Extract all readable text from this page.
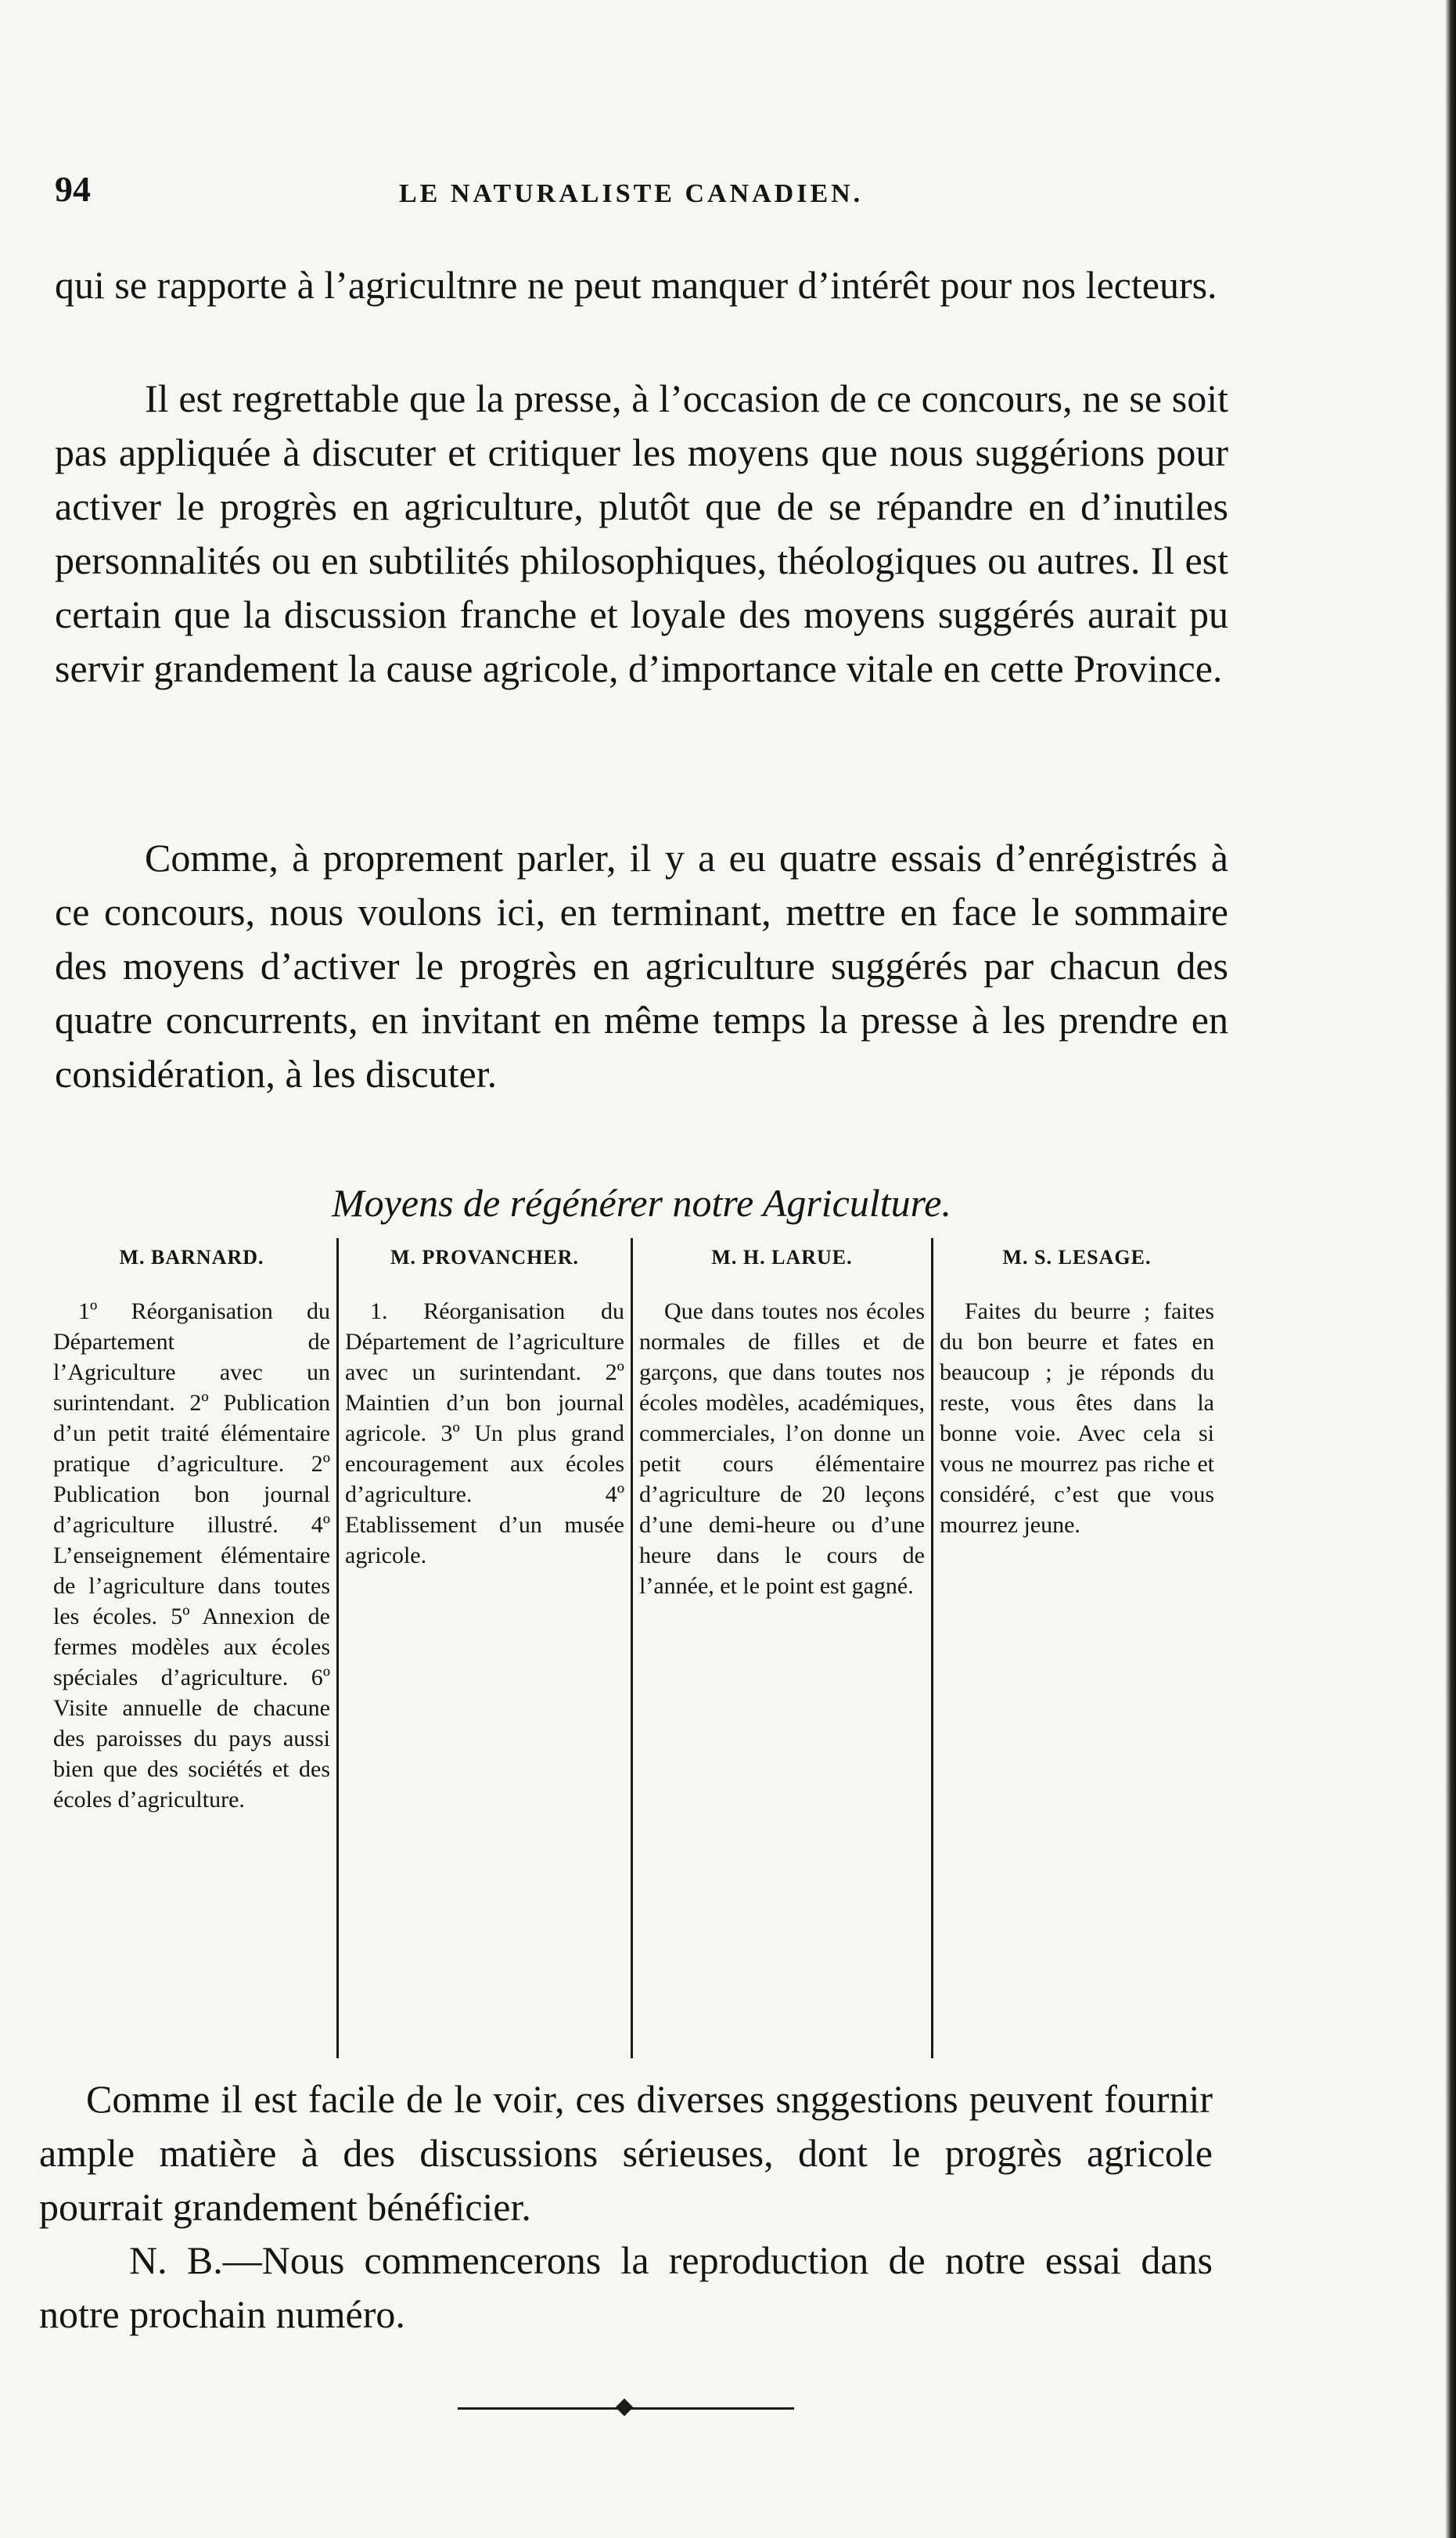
94	LE NATURALISTE CANADIEN.
qui se rapporte à l’agricultnre ne peut manquer d’intérêt pour nos lecteurs.
Il est regrettable que la presse, à l’occasion de ce concours, ne se soit pas appliquée à discuter et critiquer les moyens que nous suggérions pour activer le progrès en agriculture, plutôt que de se répandre en d’inutiles personnalités ou en subtilités philosophiques, théologiques ou autres. Il est certain que la discussion franche et loyale des moyens suggérés aurait pu servir grandement la cause agricole, d’importance vitale en cette Province.
Comme, à proprement parler, il y a eu quatre essais d’enrégistrés à ce concours, nous voulons ici, en terminant, mettre en face le sommaire des moyens d’activer le progrès en agriculture suggérés par chacun des quatre concurrents, en invitant en même temps la presse à les prendre en considération, à les discuter.
Moyens de régénérer notre Agriculture.
M. BARNARD.
1º Réorganisation du Département de l’Agriculture avec un surintendant. 2º Publication d’un petit traité élémentaire pratique d’agriculture. 2º Publication bon journal d’agriculture illustré. 4º L’enseignement élémentaire de l’agriculture dans toutes les écoles. 5º Annexion de fermes modèles aux écoles spéciales d’agriculture. 6º Visite annuelle de chacune des paroisses du pays aussi bien que des sociétés et des écoles d’agriculture.
M. PROVANCHER.
1. Réorganisation du Département de l’agriculture avec un surintendant. 2º Maintien d’un bon journal agricole. 3º Un plus grand encouragement aux écoles d’agriculture. 4º Etablissement d’un musée agricole.
M. H. LARUE.
Que dans toutes nos écoles normales de filles et de garçons, que dans toutes nos écoles modèles, académiques, commerciales, l’on donne un petit cours élémentaire d’agriculture de 20 leçons d’une demi-heure ou d’une heure dans le cours de l’année, et le point est gagné.
M. S. LESAGE.
Faites du beurre ; faites du bon beurre et fates en beaucoup ; je réponds du reste, vous êtes dans la bonne voie. Avec cela si vous ne mourrez pas riche et considéré, c’est que vous mourrez jeune.
Comme il est facile de le voir, ces diverses snggestions peuvent fournir ample matière à des discussions sérieuses, dont le progrès agricole pourrait grandement bénéficier.
N. B.—Nous commencerons la reproduction de notre essai dans notre prochain numéro.
